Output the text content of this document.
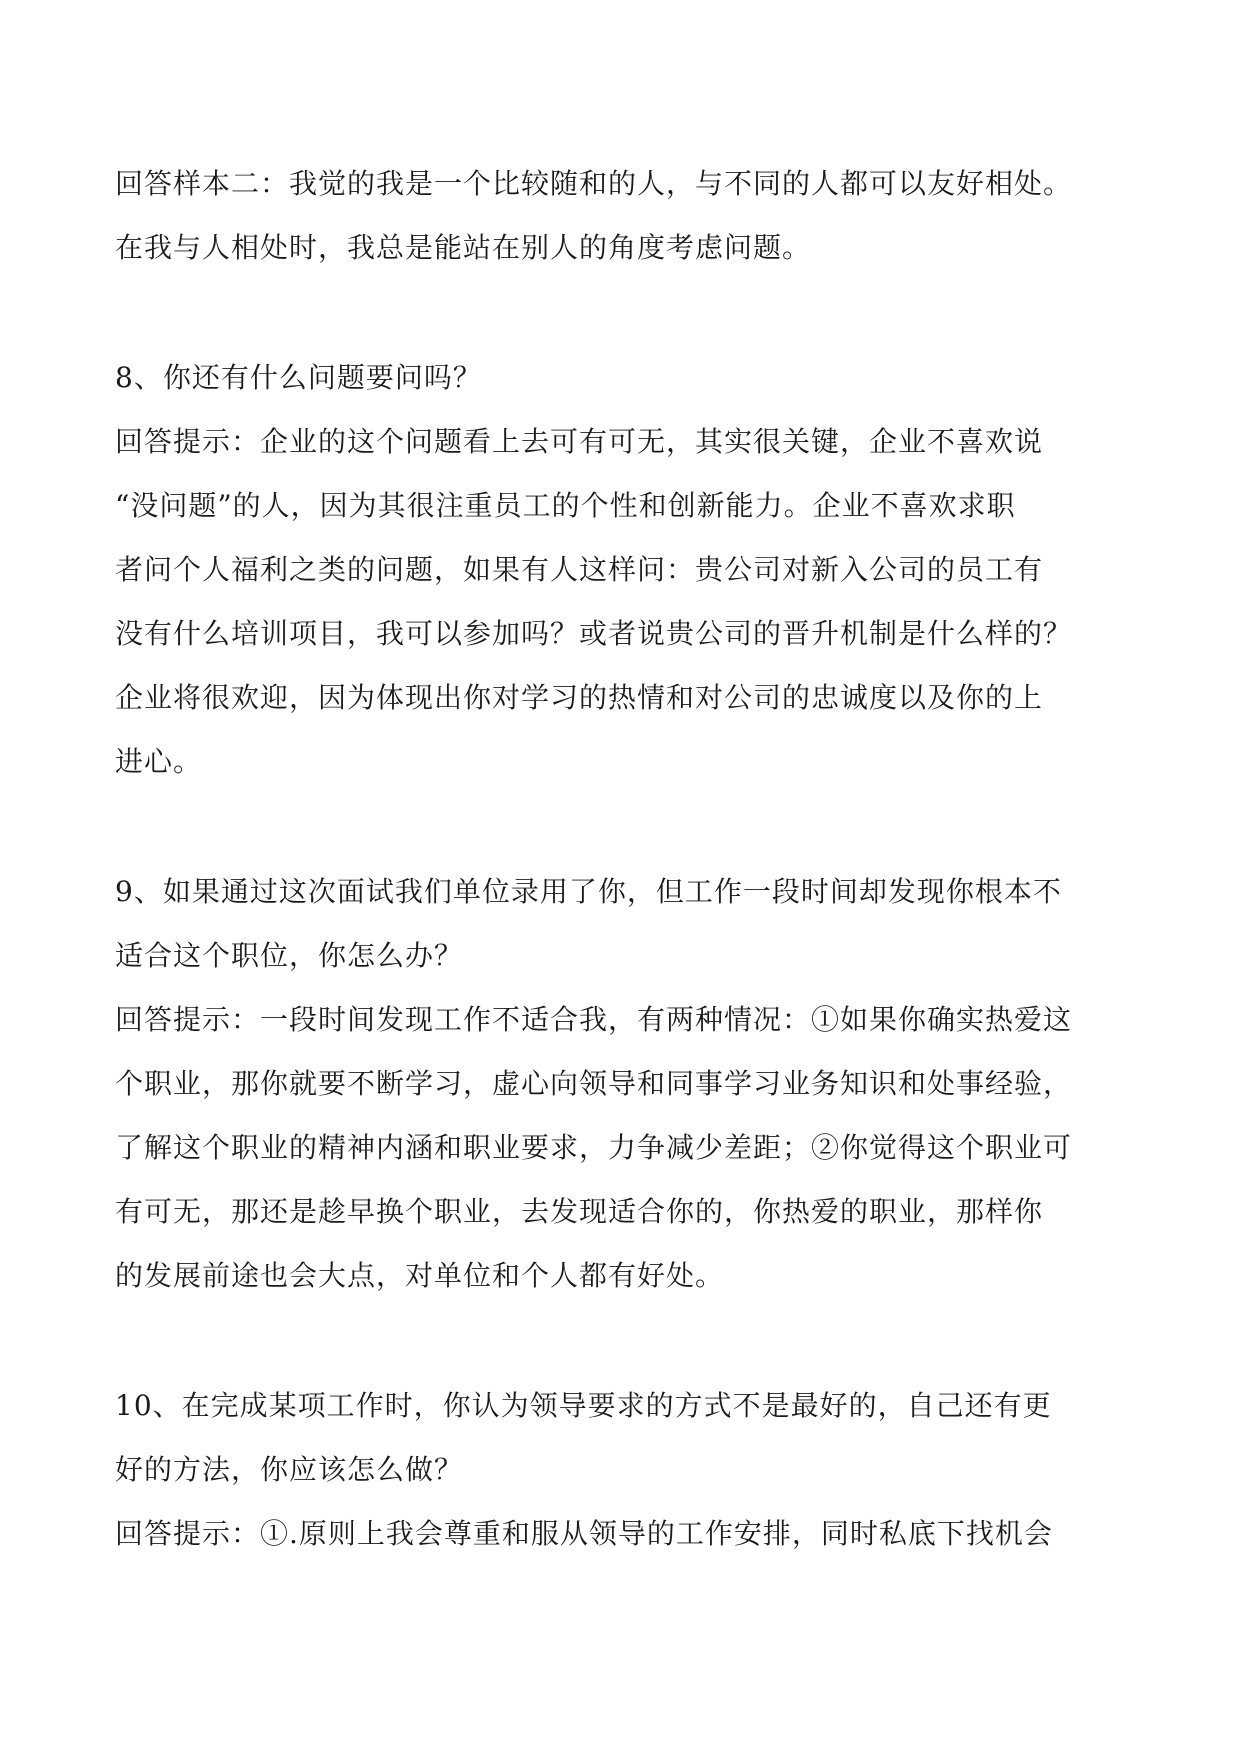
回答样本二：我觉的我是一个比较随和的人，与不同的人都可以友好相处。

在我与人相处时，我总是能站在别人的角度考虑问题。

8、你还有什么问题要问吗？

回答提示：企业的这个问题看上去可有可无，其实很关键，企业不喜欢说

“没问题”的人，因为其很注重员工的个性和创新能力。企业不喜欢求职

者问个人福利之类的问题，如果有人这样问：贵公司对新入公司的员工有

没有什么培训项目，我可以参加吗？或者说贵公司的晋升机制是什么样的？

企业将很欢迎，因为体现出你对学习的热情和对公司的忠诚度以及你的上

进心。

9、如果通过这次面试我们单位录用了你，但工作一段时间却发现你根本不

适合这个职位，你怎么办？

回答提示：一段时间发现工作不适合我，有两种情况：①如果你确实热爱这

个职业，那你就要不断学习，虚心向领导和同事学习业务知识和处事经验，

了解这个职业的精神内涵和职业要求，力争减少差距；②你觉得这个职业可

有可无，那还是趁早换个职业，去发现适合你的，你热爱的职业，那样你

的发展前途也会大点，对单位和个人都有好处。

10、在完成某项工作时，你认为领导要求的方式不是最好的，自己还有更

好的方法，你应该怎么做？

回答提示：①.原则上我会尊重和服从领导的工作安排，同时私底下找机会
